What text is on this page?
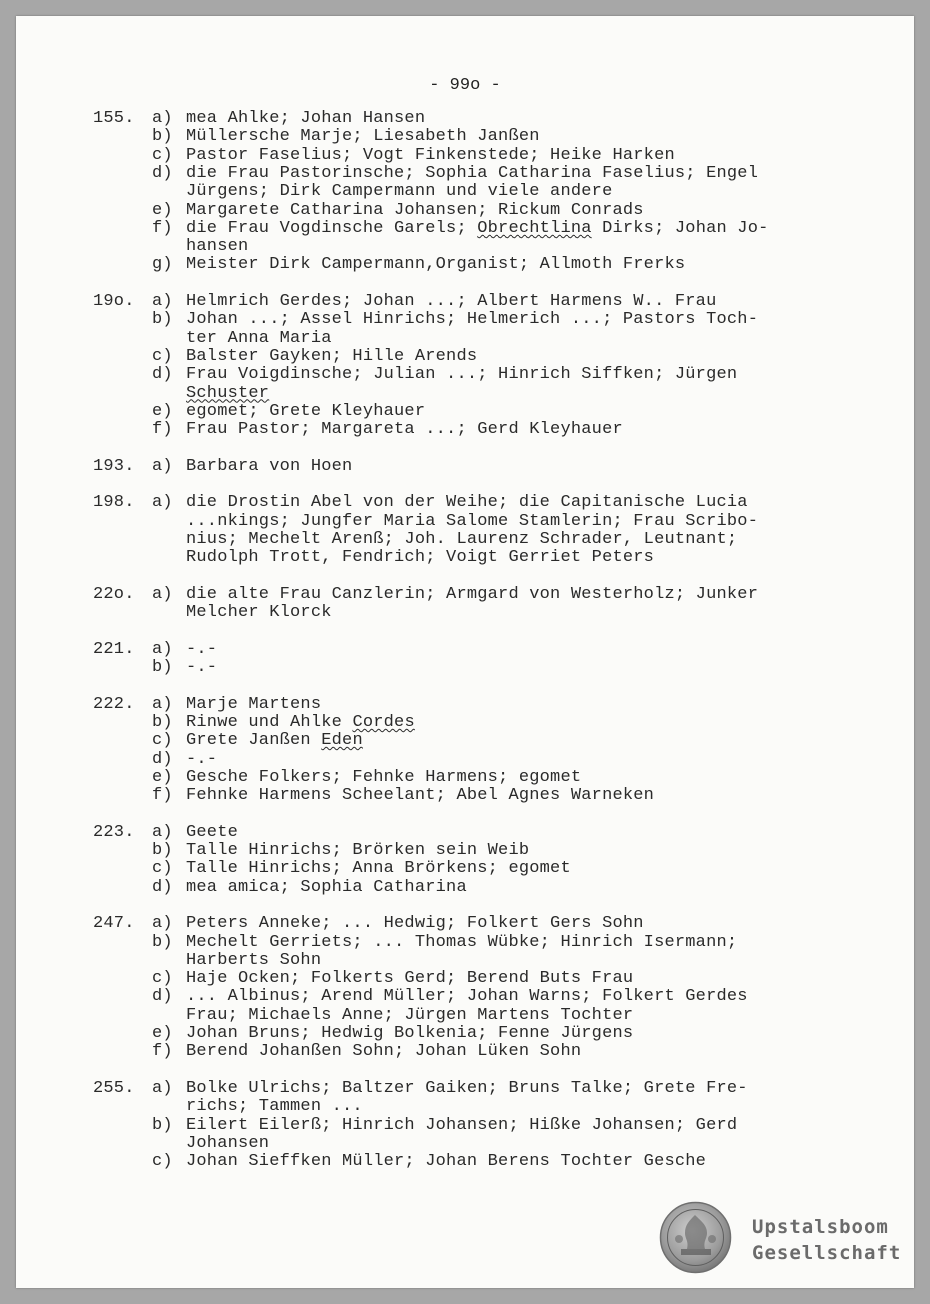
- 99o -
155. a) mea Ahlke; Johan Hansen
b) Müllersche Marje; Liesabeth Janßen
c) Pastor Faselius; Vogt Finkenstede; Heike Harken
d) die Frau Pastorinsche; Sophia Catharina Faselius; Engel
Jürgens; Dirk Campermann und viele andere
e) Margarete Catharina Johansen; Rickum Conrads
f) die Frau Vogdinsche Garels; Obrechtlina Dirks; Johan Jo-
hansen
g) Meister Dirk Campermann,Organist; Allmoth Frerks
19o. a) Helmrich Gerdes; Johan ...; Albert Harmens W.. Frau
b) Johan ...; Assel Hinrichs; Helmerich ...; Pastors Toch-
ter Anna Maria
c) Balster Gayken; Hille Arends
d) Frau Voigdinsche; Julian ...; Hinrich Siffken; Jürgen
Schuster
e) egomet; Grete Kleyhauer
f) Frau Pastor; Margareta ...; Gerd Kleyhauer
193. a) Barbara von Hoen
198. a) die Drostin Abel von der Weihe; die Capitanische Lucia
...nkings; Jungfer Maria Salome Stamlerin; Frau Scribo-
nius; Mechelt Arenß; Joh. Laurenz Schrader, Leutnant;
Rudolph Trott, Fendrich; Voigt Gerriet Peters
22o. a) die alte Frau Canzlerin; Armgard von Westerholz; Junker
Melcher Klorck
221. a) -.-
b) -.-
222. a) Marje Martens
b) Rinwe und Ahlke Cordes
c) Grete Janßen Eden
d) -.-
e) Gesche Folkers; Fehnke Harmens; egomet
f) Fehnke Harmens Scheelant; Abel Agnes Warneken
223. a) Geete
b) Talle Hinrichs; Brörken sein Weib
c) Talle Hinrichs; Anna Brörkens; egomet
d) mea amica; Sophia Catharina
247. a) Peters Anneke; ... Hedwig; Folkert Gers Sohn
b) Mechelt Gerriets; ... Thomas Wübke; Hinrich Isermann;
Harberts Sohn
c) Haje Ocken; Folkerts Gerd; Berend Buts Frau
d) ... Albinus; Arend Müller; Johan Warns; Folkert Gerdes
Frau; Michaels Anne; Jürgen Martens Tochter
e) Johan Bruns; Hedwig Bolkenia; Fenne Jürgens
f) Berend Johanßen Sohn; Johan Lüken Sohn
255. a) Bolke Ulrichs; Baltzer Gaiken; Bruns Talke; Grete Fre-
richs; Tammen ...
b) Eilert Eilerß; Hinrich Johansen; Hißke Johansen; Gerd
Johansen
c) Johan Sieffken Müller; Johan Berens Tochter Gesche
Upstalsboom
Gesellschaft
